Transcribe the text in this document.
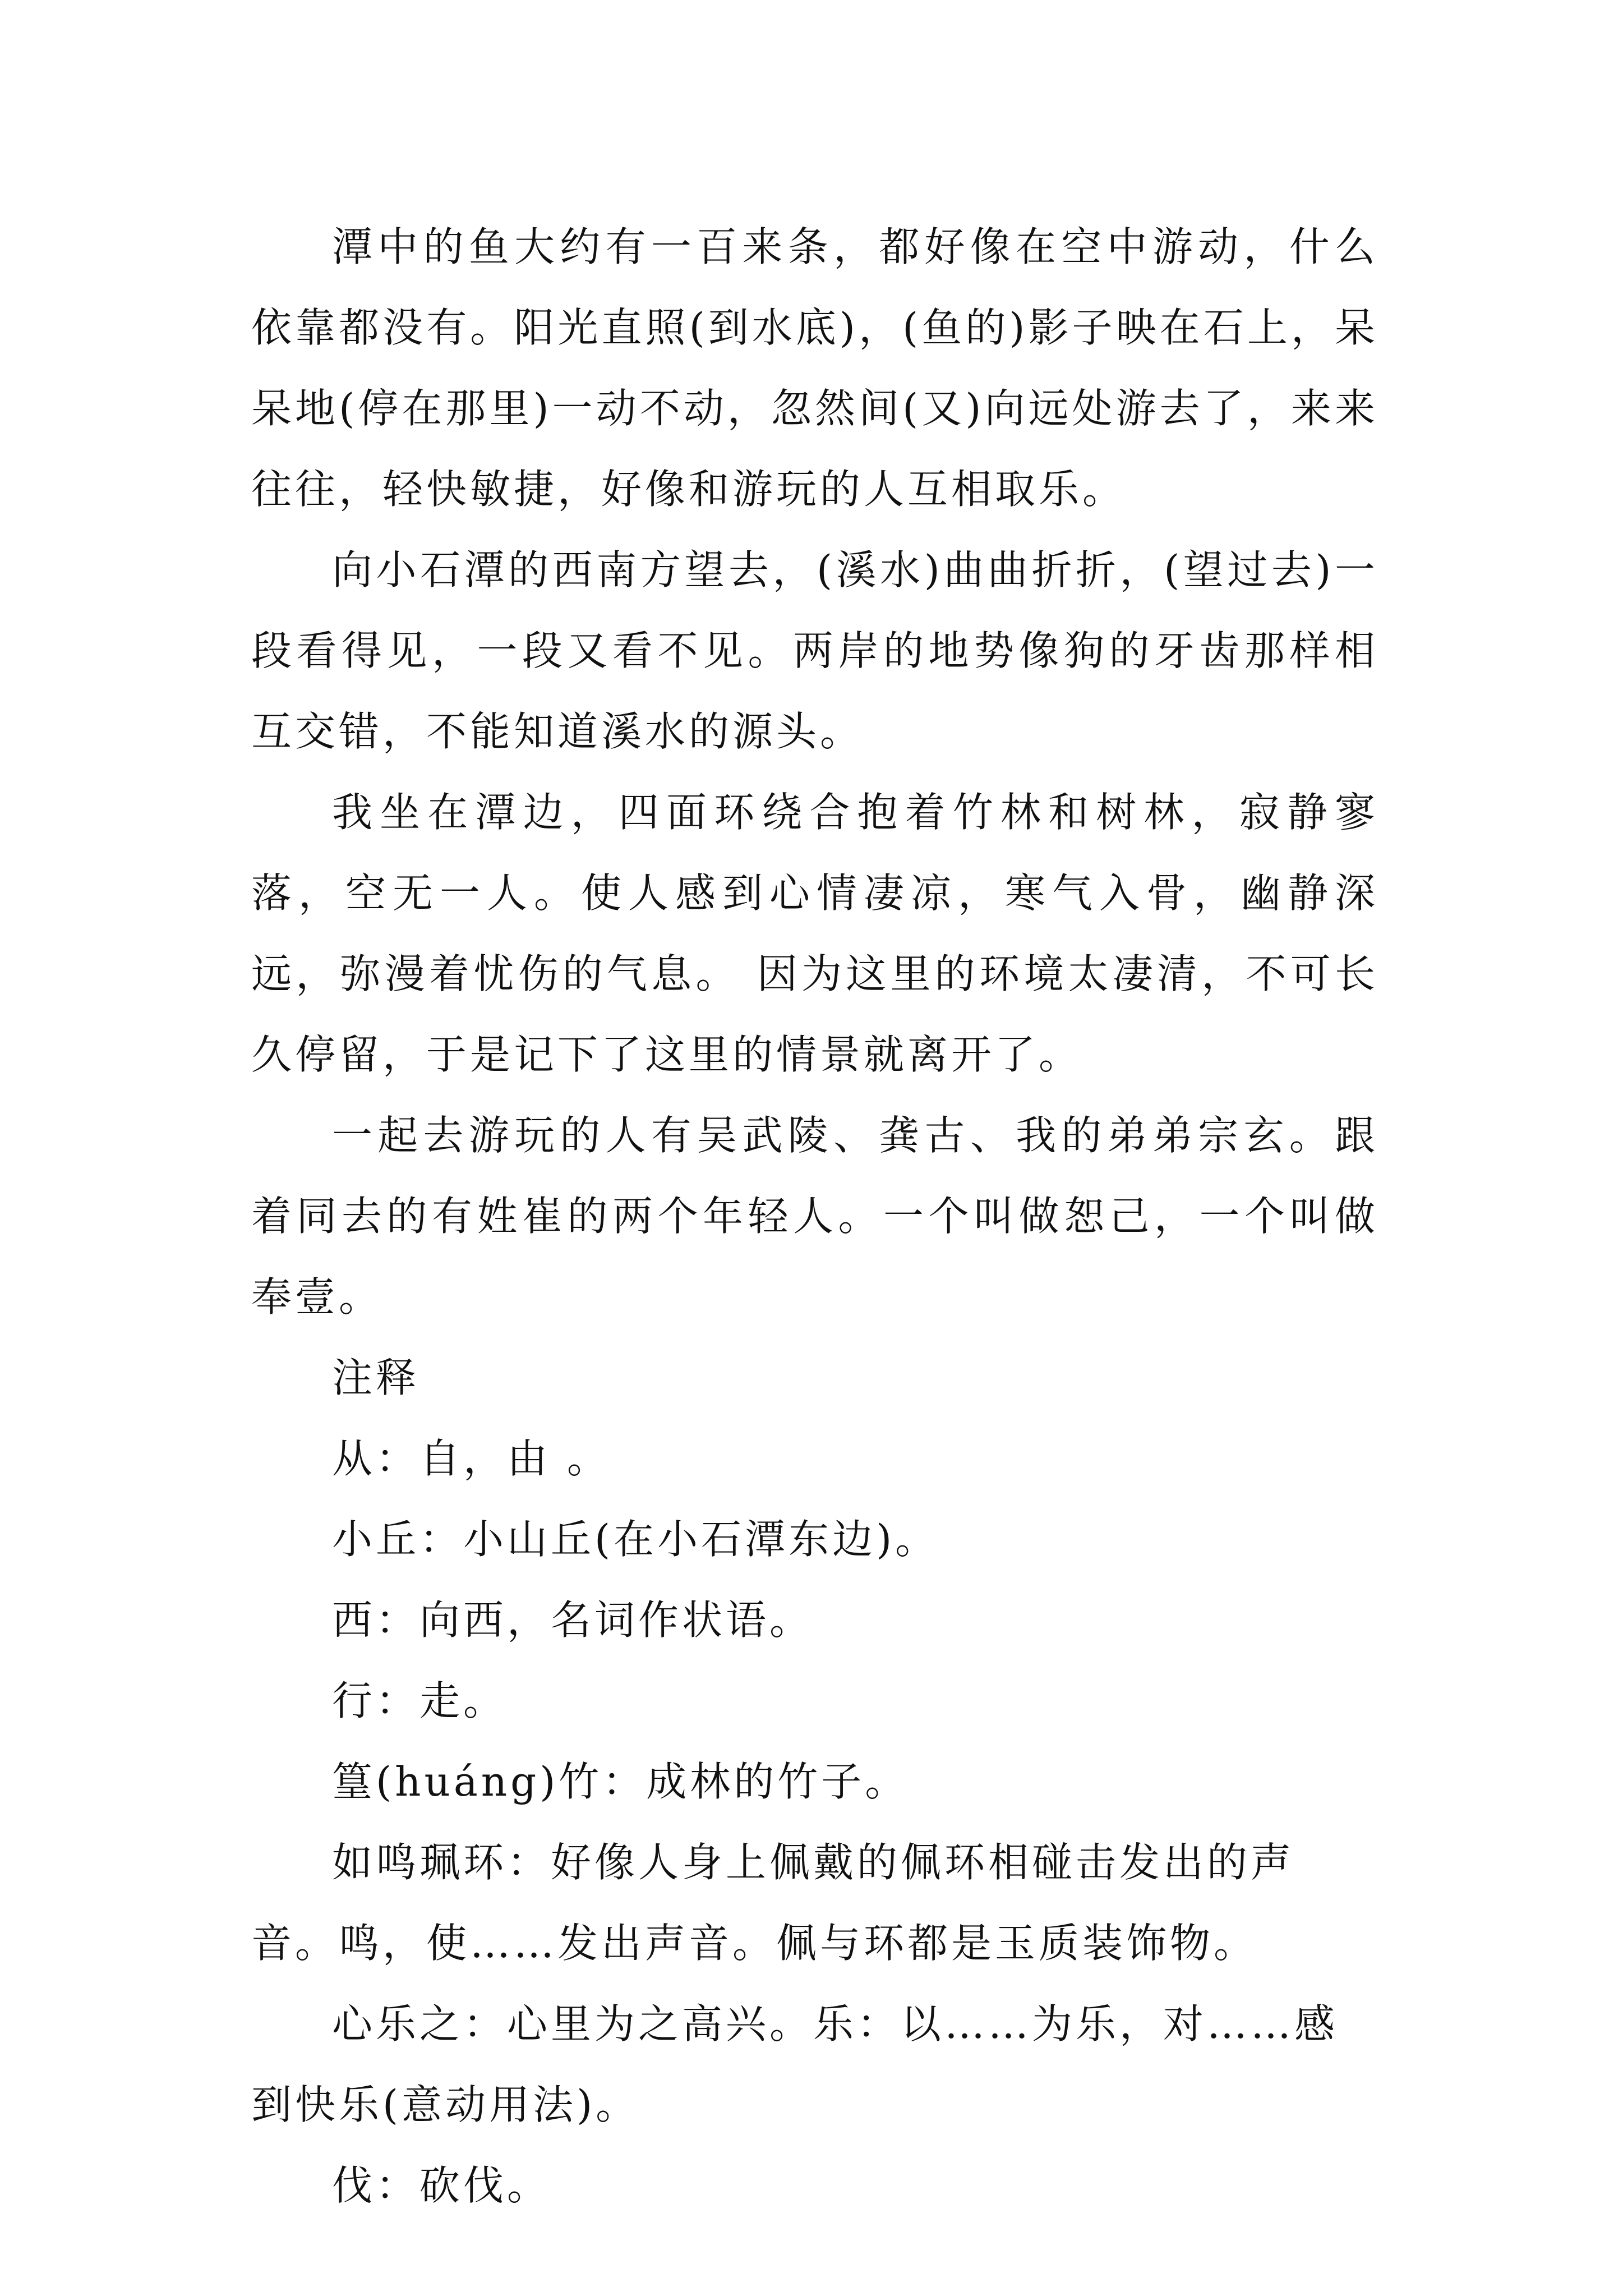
潭中的鱼大约有一百来条，都好像在空中游动，什么依靠都没有。阳光直照(到水底)，(鱼的)影子映在石上，呆呆地(停在那里)一动不动，忽然间(又)向远处游去了，来来往往，轻快敏捷，好像和游玩的人互相取乐。

向小石潭的西南方望去，(溪水)曲曲折折，(望过去)一段看得见，一段又看不见。两岸的地势像狗的牙齿那样相互交错，不能知道溪水的源头。

我坐在潭边，四面环绕合抱着竹林和树林，寂静寥落，空无一人。使人感到心情凄凉，寒气入骨，幽静深远，弥漫着忧伤的气息。 因为这里的环境太凄清，不可长久停留，于是记下了这里的情景就离开了。

一起去游玩的人有吴武陵、龚古、我的弟弟宗玄。跟着同去的有姓崔的两个年轻人。一个叫做恕己，一个叫做奉壹。

注释

从：自，由 。

小丘：小山丘(在小石潭东边)。

西：向西，名词作状语。

行：走。

篁(huáng)竹：成林的竹子。

如鸣珮环：好像人身上佩戴的佩环相碰击发出的声音。鸣，使……发出声音。佩与环都是玉质装饰物。

心乐之：心里为之高兴。乐：以……为乐，对……感到快乐(意动用法)。

伐：砍伐。
